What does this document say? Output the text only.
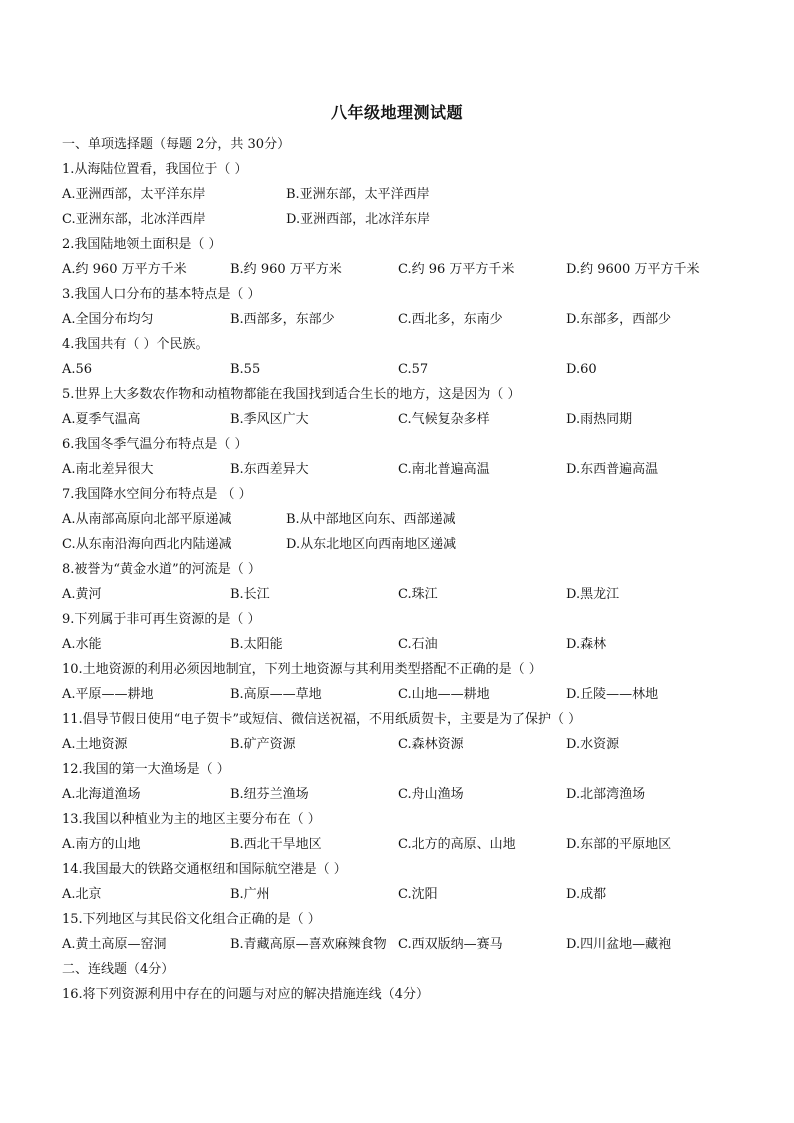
八年级地理测试题
一、单项选择题（每题 2分，共 30分）
1.从海陆位置看，我国位于（ ）
A.亚洲西部，太平洋东岸	B.亚洲东部，太平洋西岸
C.亚洲东部，北冰洋西岸	D.亚洲西部，北冰洋东岸
2.我国陆地领土面积是（ ）
A.约 960 万平方千米	B.约 960 万平方米	C.约 96 万平方千米	D.约 9600 万平方千米
3.我国人口分布的基本特点是（ ）
A.全国分布均匀	B.西部多，东部少	C.西北多，东南少	D.东部多，西部少
4.我国共有（ ）个民族。
A.56	B.55	C.57	D.60
5.世界上大多数农作物和动植物都能在我国找到适合生长的地方，这是因为（ ）
A.夏季气温高	B.季风区广大	C.气候复杂多样	D.雨热同期
6.我国冬季气温分布特点是（ ）
A.南北差异很大	B.东西差异大	C.南北普遍高温	D.东西普遍高温
7.我国降水空间分布特点是 （ ）
A.从南部高原向北部平原递减	B.从中部地区向东、西部递减
C.从东南沿海向西北内陆递减	D.从东北地区向西南地区递减
8.被誉为“黄金水道”的河流是（ ）
A.黄河	B.长江	C.珠江	D.黑龙江
9.下列属于非可再生资源的是（ ）
A.水能	B.太阳能	C.石油	D.森林
10.土地资源的利用必须因地制宜，下列土地资源与其利用类型搭配不正确的是（ ）
A.平原——耕地	B.高原——草地	C.山地——耕地	D.丘陵——林地
11.倡导节假日使用“电子贺卡”或短信、微信送祝福，不用纸质贺卡，主要是为了保护（ ）
A.土地资源	B.矿产资源	C.森林资源	D.水资源
12.我国的第一大渔场是（ ）
A.北海道渔场	B.纽芬兰渔场	C.舟山渔场	D.北部湾渔场
13.我国以种植业为主的地区主要分布在（ ）
A.南方的山地	B.西北干旱地区	C.北方的高原、山地	D.东部的平原地区
14.我国最大的铁路交通枢纽和国际航空港是（ ）
A.北京	B.广州	C.沈阳	D.成都
15.下列地区与其民俗文化组合正确的是（ ）
A.黄土高原—窑洞	B.青藏高原—喜欢麻辣食物 C.西双版纳—赛马	D.四川盆地—藏袍
二、连线题（4分）
16.将下列资源利用中存在的问题与对应的解决措施连线（4分）
